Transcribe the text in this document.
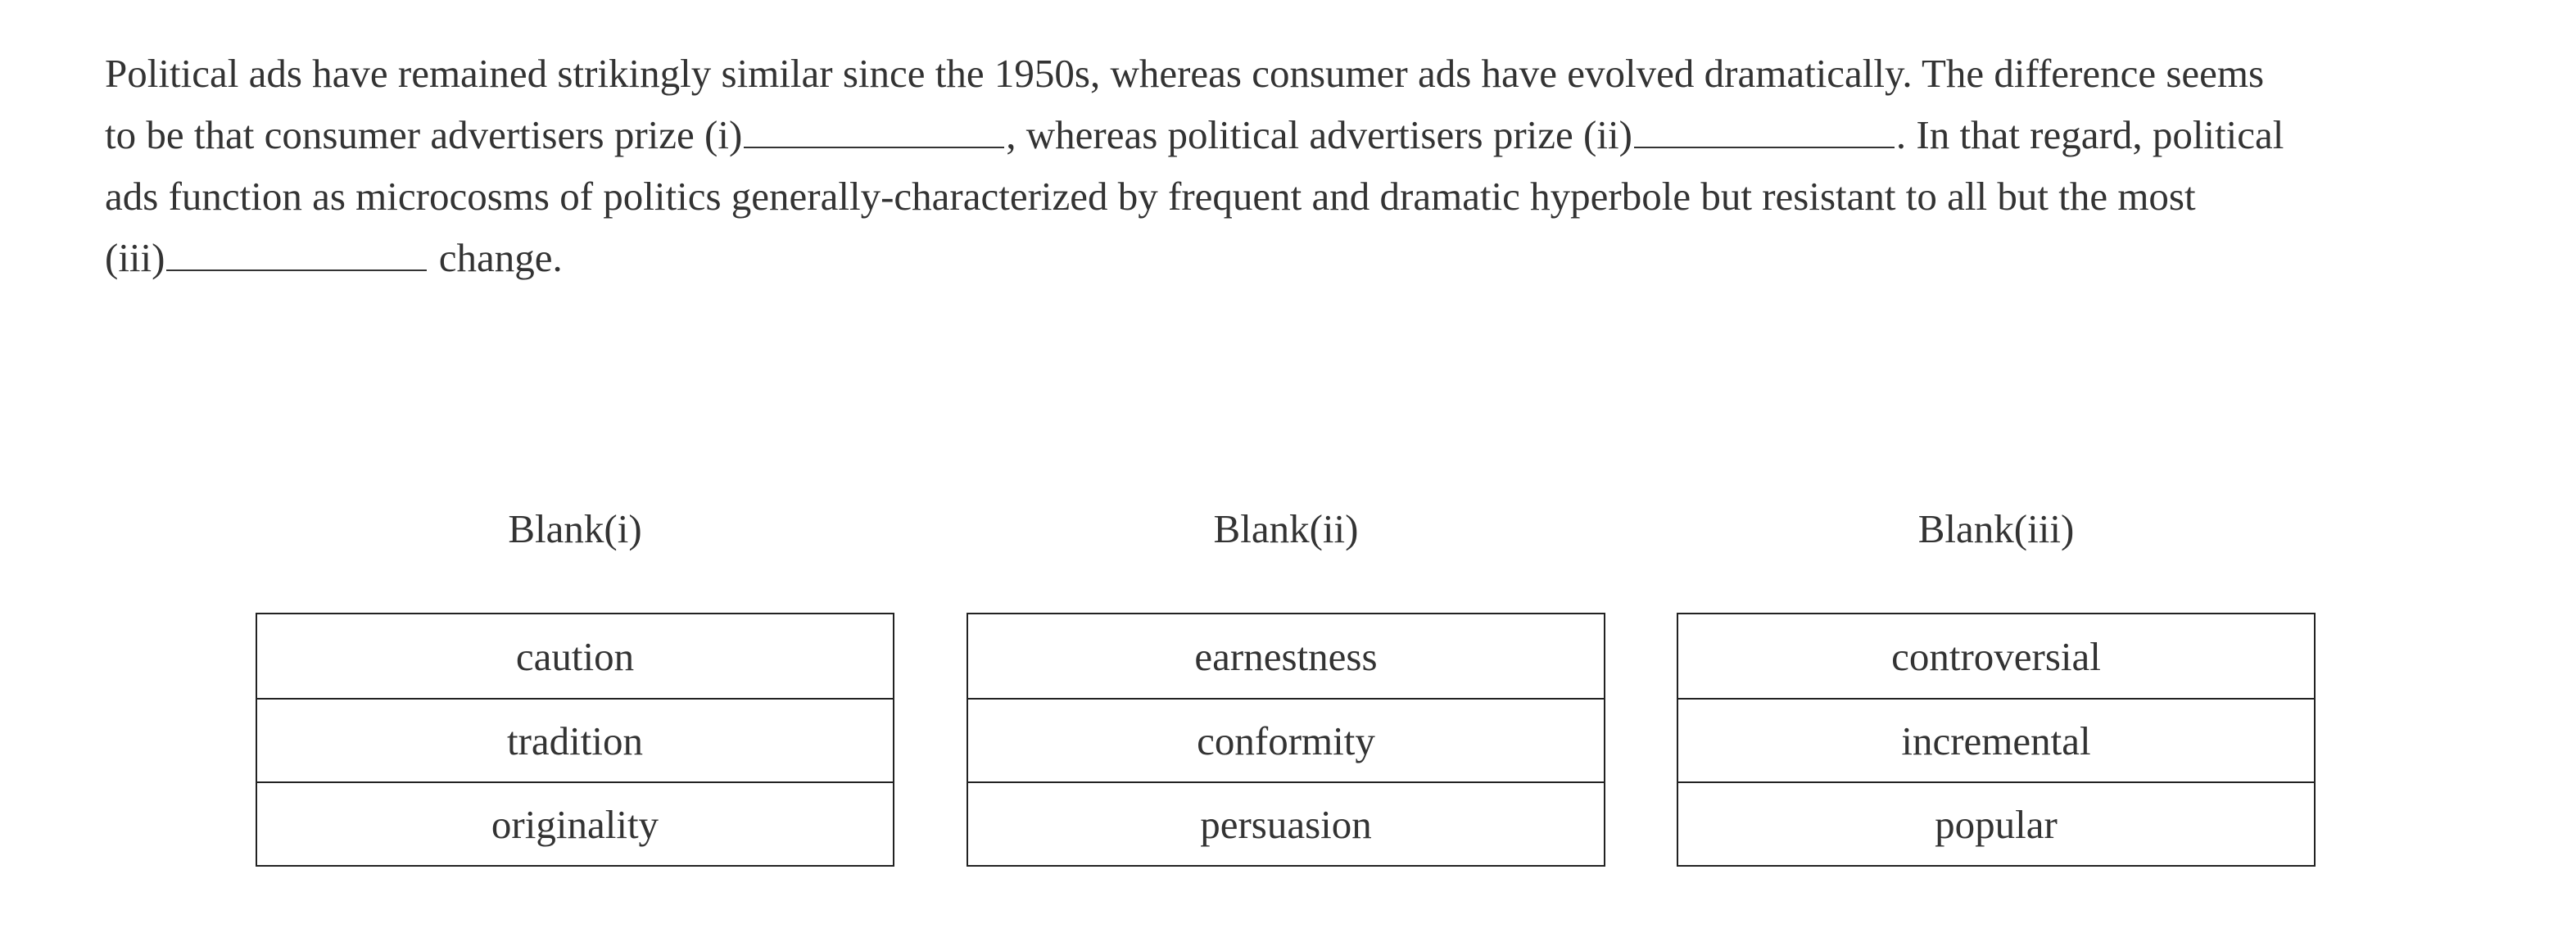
Political ads have remained strikingly similar since the 1950s, whereas consumer ads have evolved dramatically. The difference seems
to be that consumer advertisers prize (i)	, whereas political advertisers prize (ii)	. In that regard, political
ads function as microcosms of politics generally-characterized by frequent and dramatic hyperbole but resistant to all but the most
(iii)	change.
Blank(i)
caution
tradition
originality
Blank(ii)
earnestness
conformity
persuasion
Blank(iii)
controversial
incremental
popular
